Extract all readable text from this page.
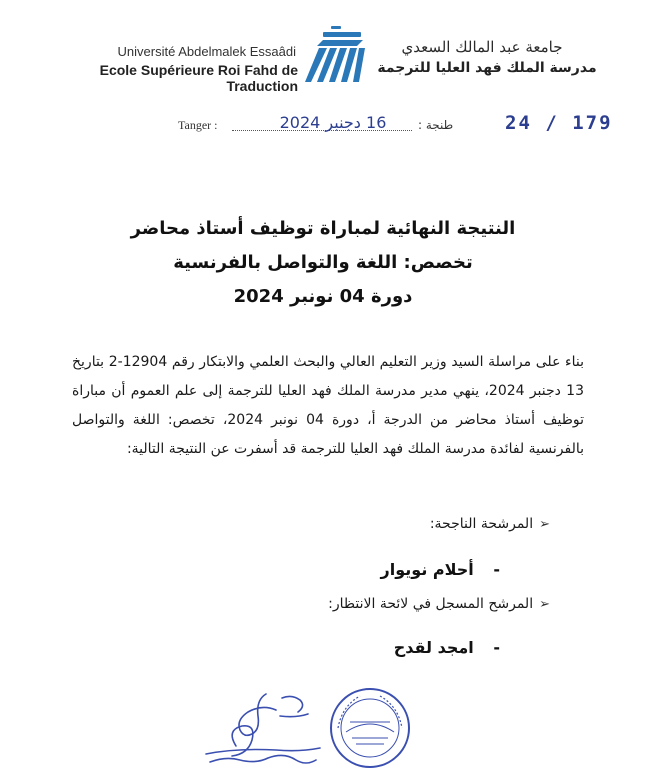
Université Abdelmalek Essaâdi
Ecole Supérieure Roi Fahd de Traduction
جامعة عبد المالك السعدي
مدرسة الملك فهد العليا للترجمة
Tanger :	16 دجنبر 2024	طنجة :	24 / 179
النتيجة النهائية لمباراة توظيف أستاذ محاضر
تخصص: اللغة والتواصل بالفرنسية
دورة 04 نونبر 2024
بناء على مراسلة السيد وزير التعليم العالي والبحث العلمي والابتكار رقم 12904-2 بتاريخ 13 دجنبر 2024، ينهي مدير مدرسة الملك فهد العليا للترجمة إلى علم العموم أن مباراة توظيف أستاذ محاضر من الدرجة أ، دورة 04 نونبر 2024، تخصص: اللغة والتواصل بالفرنسية لفائدة مدرسة الملك فهد العليا للترجمة قد أسفرت عن النتيجة التالية:
➢
المرشحة الناجحة:
- أحلام نويوار
➢
المرشح المسجل في لائحة الانتظار:
- امجد لقدح
